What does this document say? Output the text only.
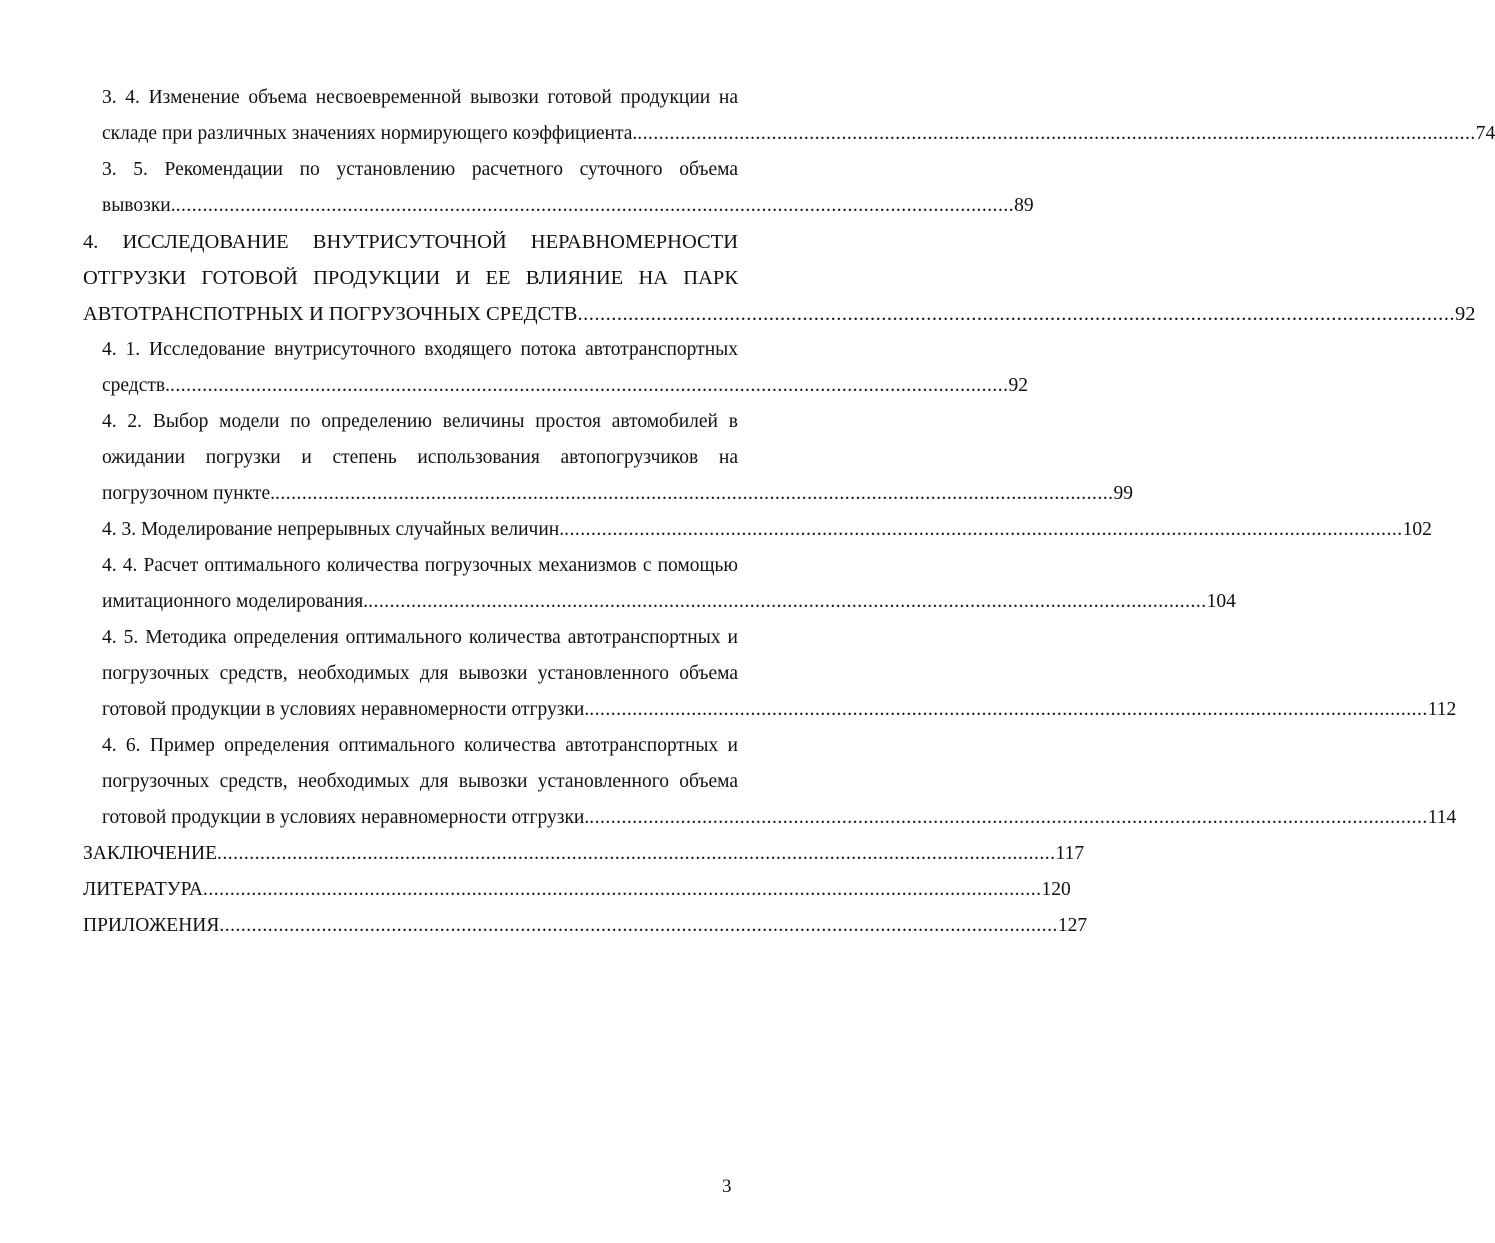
3. 4. Изменение объема несвоевременной вывозки готовой продукции на
складе при различных значениях нормирующего коэффициента. ............................................................................................................................................................ 74
3. 5. Рекомендации по установлению расчетного суточного объема
вывозки. ............................................................................................................................................................ 89
4. ИССЛЕДОВАНИЕ ВНУТРИСУТОЧНОЙ НЕРАВНОМЕРНОСТИ
ОТГРУЗКИ ГОТОВОЙ ПРОДУКЦИИ И ЕЕ ВЛИЯНИЕ НА ПАРК
АВТОТРАНСПОТРНЫХ И ПОГРУЗОЧНЫХ СРЕДСТВ ............................................................................................................................................................ 92
4. 1. Исследование внутрисуточного входящего потока автотранспортных
средств. ............................................................................................................................................................ 92
4. 2. Выбор модели по определению величины простоя автомобилей в
ожидании погрузки и степень использования автопогрузчиков на
погрузочном пункте. ............................................................................................................................................................ 99
4. 3. Моделирование непрерывных случайных величин. ............................................................................................................................................................ 102
4. 4. Расчет оптимального количества погрузочных механизмов с помощью
имитационного моделирования. ............................................................................................................................................................ 104
4. 5. Методика определения оптимального количества автотранспортных и
погрузочных средств, необходимых для вывозки установленного объема
готовой продукции в условиях неравномерности отгрузки. ............................................................................................................................................................ 112
4. 6. Пример определения оптимального количества автотранспортных и
погрузочных средств, необходимых для вывозки установленного объема
готовой продукции в условиях неравномерности отгрузки. ............................................................................................................................................................ 114
ЗАКЛЮЧЕНИЕ ............................................................................................................................................................ 117
ЛИТЕРАТУРА ............................................................................................................................................................ 120
ПРИЛОЖЕНИЯ ............................................................................................................................................................ 127
3
